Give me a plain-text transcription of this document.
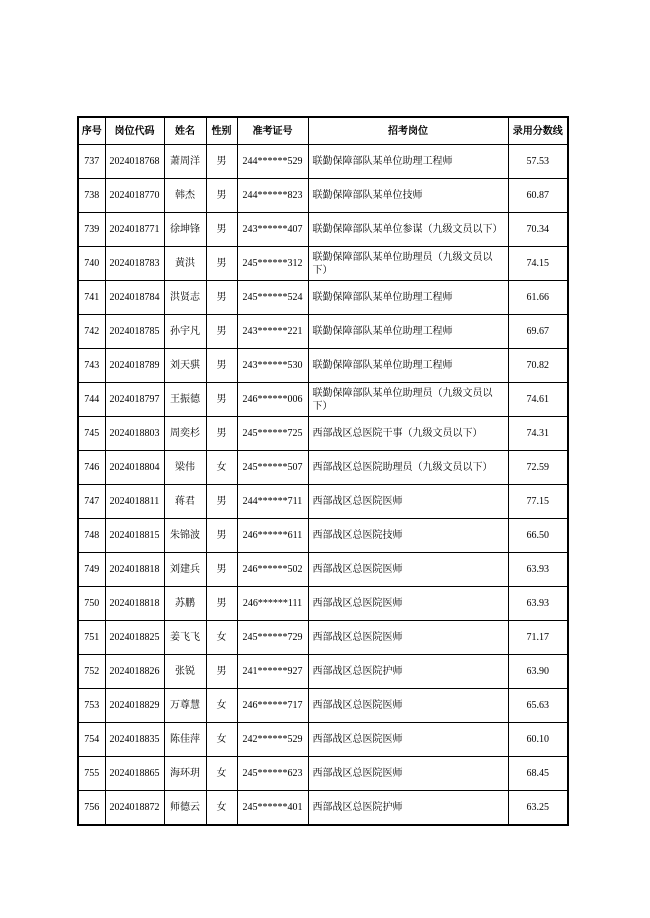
序号	岗位代码	姓名	性别	准考证号	招考岗位	录用分数线
737	2024018768	萧周洋	男	244******529	联勤保障部队某单位助理工程师	57.53
738	2024018770	韩杰	男	244******823	联勤保障部队某单位技师	60.87
739	2024018771	徐坤锋	男	243******407	联勤保障部队某单位参谋（九级文员以下）	70.34
740	2024018783	黄洪	男	245******312	联勤保障部队某单位助理员（九级文员以下）	74.15
741	2024018784	洪贤志	男	245******524	联勤保障部队某单位助理工程师	61.66
742	2024018785	孙宇凡	男	243******221	联勤保障部队某单位助理工程师	69.67
743	2024018789	刘天骐	男	243******530	联勤保障部队某单位助理工程师	70.82
744	2024018797	王振德	男	246******006	联勤保障部队某单位助理员（九级文员以下）	74.61
745	2024018803	周奕杉	男	245******725	西部战区总医院干事（九级文员以下）	74.31
746	2024018804	梁伟	女	245******507	西部战区总医院助理员（九级文员以下）	72.59
747	2024018811	蒋君	男	244******711	西部战区总医院医师	77.15
748	2024018815	朱锦波	男	246******611	西部战区总医院技师	66.50
749	2024018818	刘建兵	男	246******502	西部战区总医院医师	63.93
750	2024018818	苏鹏	男	246******111	西部战区总医院医师	63.93
751	2024018825	姜飞飞	女	245******729	西部战区总医院医师	71.17
752	2024018826	张锐	男	241******927	西部战区总医院护师	63.90
753	2024018829	万尊慧	女	246******717	西部战区总医院医师	65.63
754	2024018835	陈佳萍	女	242******529	西部战区总医院医师	60.10
755	2024018865	海环玥	女	245******623	西部战区总医院医师	68.45
756	2024018872	师德云	女	245******401	西部战区总医院护师	63.25
